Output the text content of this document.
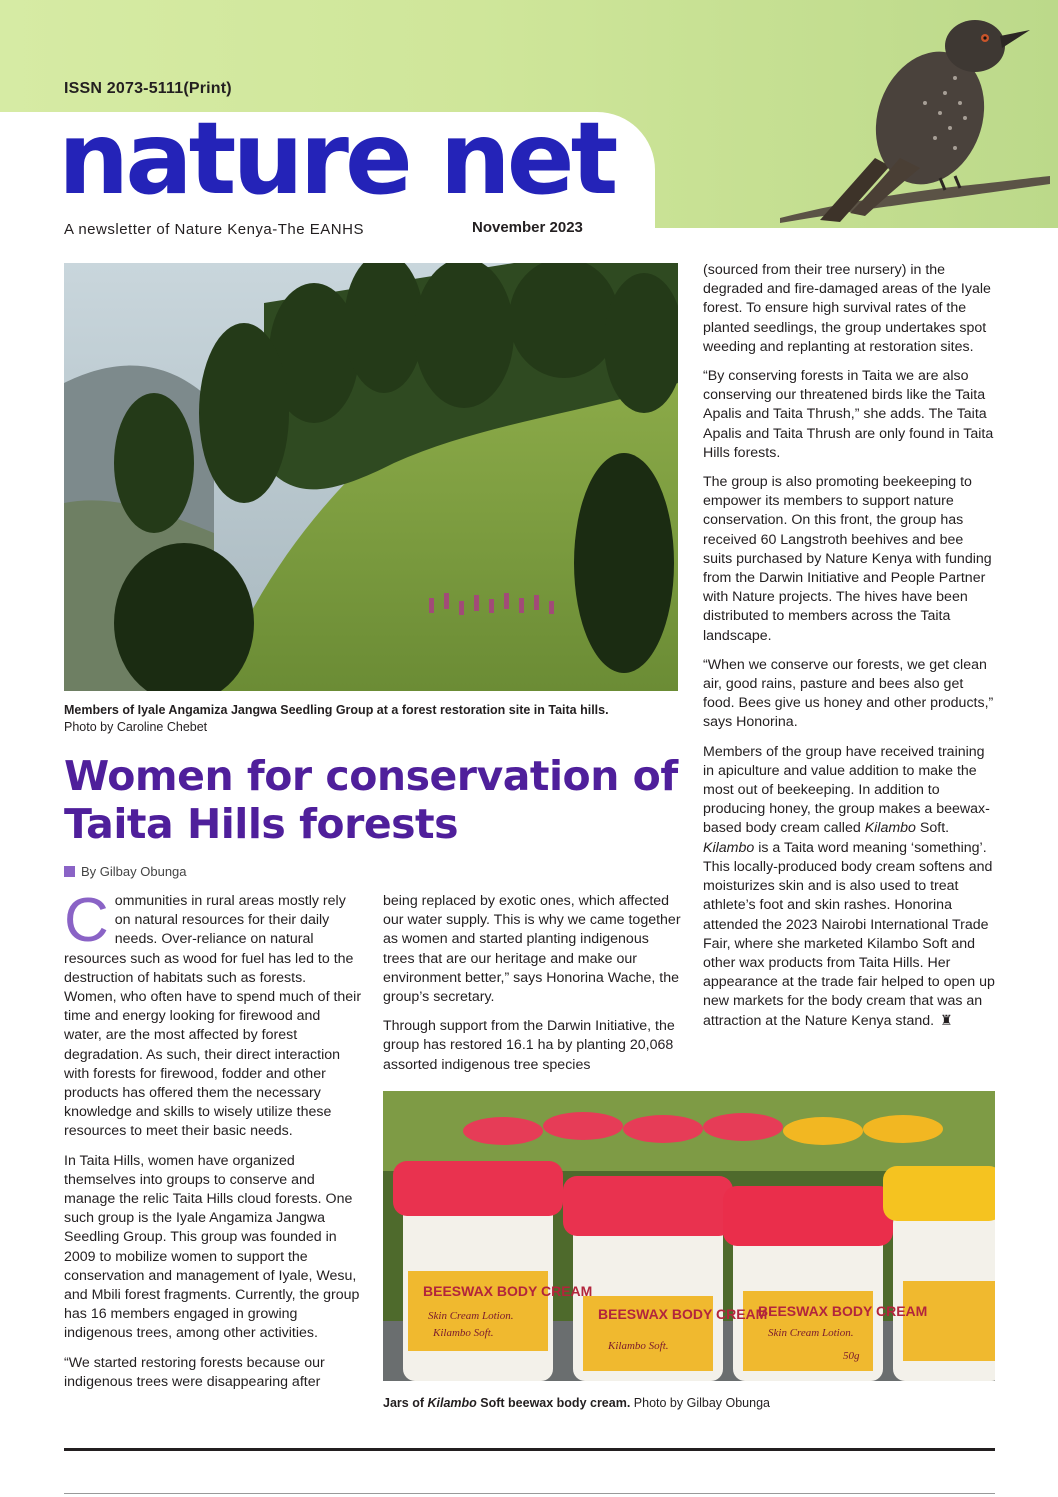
ISSN 2073-5111(Print)
nature net
A newsletter of Nature Kenya-The EANHS	November 2023
Members of Iyale Angamiza Jangwa Seedling Group at a forest restoration site in Taita hills.
Photo by Caroline Chebet
Women for conservation of Taita Hills forests
By Gilbay Obunga

Communities in rural areas mostly rely on natural resources for their daily needs. Over-reliance on natural resources such as wood for fuel has led to the destruction of habitats such as forests. Women, who often have to spend much of their time and energy looking for firewood and water, are the most affected by forest degradation. As such, their direct interaction with forests for firewood, fodder and other products has offered them the necessary knowledge and skills to wisely utilize these resources to meet their basic needs.

In Taita Hills, women have organized themselves into groups to conserve and manage the relic Taita Hills cloud forests. One such group is the Iyale Angamiza Jangwa Seedling Group. This group was founded in 2009 to mobilize women to support the conservation and management of Iyale, Wesu, and Mbili forest fragments. Currently, the group has 16 members engaged in growing indigenous trees, among other activities.

“We started restoring forests because our indigenous trees were disappearing after

being replaced by exotic ones, which affected our water supply. This is why we came together as women and started planting indigenous trees that are our heritage and make our environment better,” says Honorina Wache, the group’s secretary.

Through support from the Darwin Initiative, the group has restored 16.1 ha by planting 20,068 assorted indigenous tree species

(sourced from their tree nursery) in the degraded and fire-damaged areas of the Iyale forest. To ensure high survival rates of the planted seedlings, the group undertakes spot weeding and replanting at restoration sites.

“By conserving forests in Taita we are also conserving our threatened birds like the Taita Apalis and Taita Thrush,” she adds. The Taita Apalis and Taita Thrush are only found in Taita Hills forests.

The group is also promoting beekeeping to empower its members to support nature conservation. On this front, the group has received 60 Langstroth beehives and bee suits purchased by Nature Kenya with funding from the Darwin Initiative and People Partner with Nature projects. The hives have been distributed to members across the Taita landscape.

“When we conserve our forests, we get clean air, good rains, pasture and bees also get food. Bees give us honey and other products,” says Honorina.

Members of the group have received training in apiculture and value addition to make the most out of beekeeping. In addition to producing honey, the group makes a beewax-based body cream called Kilambo Soft. Kilambo is a Taita word meaning ‘something’. This locally-produced body cream softens and moisturizes skin and is also used to treat athlete’s foot and skin rashes. Honorina attended the 2023 Nairobi International Trade Fair, where she marketed Kilambo Soft and other wax products from Taita Hills. Her appearance at the trade fair helped to open up new markets for the body cream that was an attraction at the Nature Kenya stand. ♜

BEESWAX BODY CREAM
BEESWAX BODY CREAM
BEESWAX BODY CREAM
Skin Cream Lotion.
Kilambo Soft.
Kilambo Soft.
Skin Cream Lotion.
50g
Jars of Kilambo Soft beewax body cream. Photo by Gilbay Obunga
